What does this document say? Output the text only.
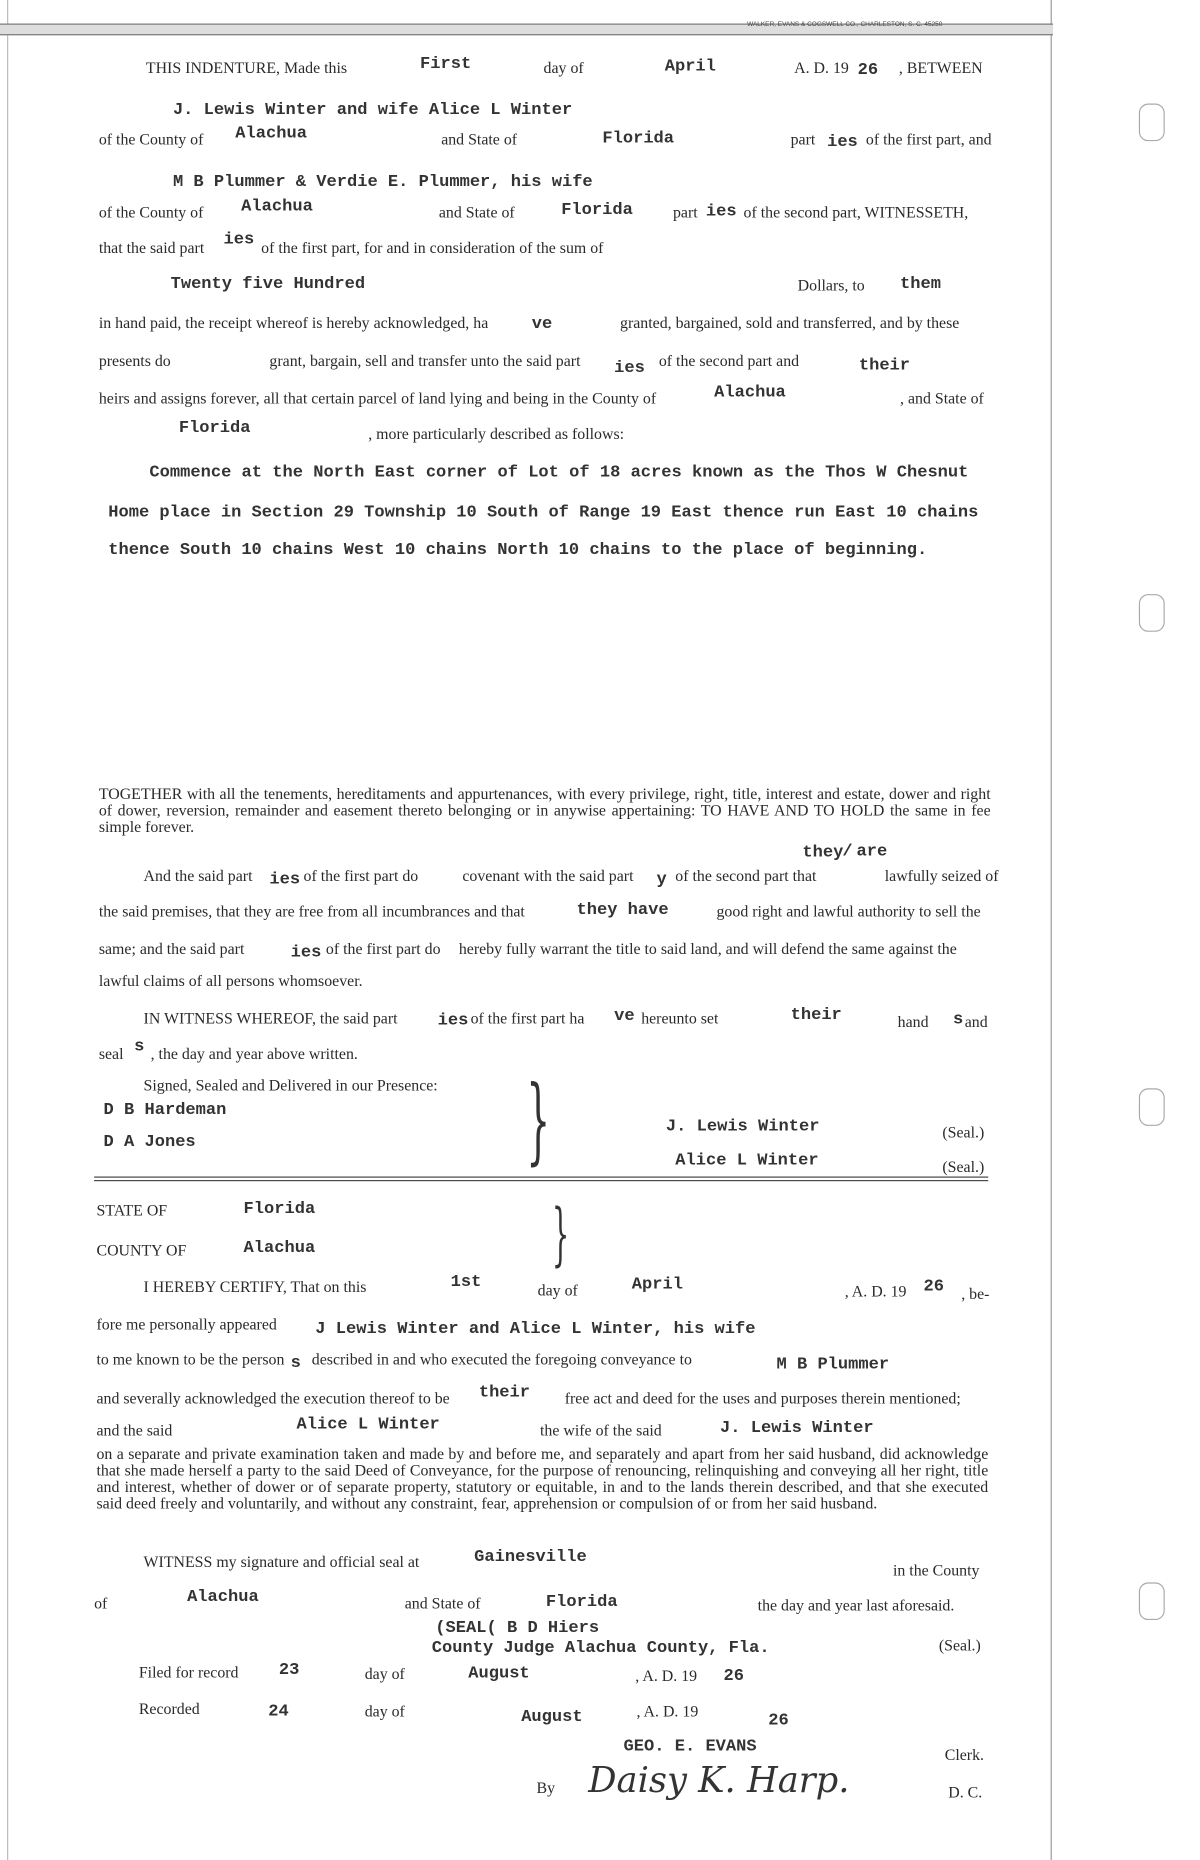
WALKER, EVANS & COGSWELL CO., CHARLESTON, S. C. 45250
THIS INDENTURE, Made this	First	day of	April	A. D. 19 26 , BETWEEN
J. Lewis Winter and wife Alice L Winter
of the County of Alachua	and State of	Florida	part ies of the first part, and
M B Plummer & Verdie E. Plummer, his wife
of the County of	Alachua	and State of	Florida	part ies of the second part, WITNESSETH,
that the said part ies of the first part, for and in consideration of the sum of
Twenty five Hundred	Dollars, to them
in hand paid, the receipt whereof is hereby acknowledged, ha	ve	granted, bargained, sold and transferred, and by these
presents do	grant, bargain, sell and transfer unto the said part ies of the second part and	their
heirs and assigns forever, all that certain parcel of land lying and being in the County of	Alachua	, and State of
Florida	, more particularly described as follows:
Commence at the North East corner of Lot of 18 acres known as the Thos W Chesnut
Home place in Section 29 Township 10 South of Range 19 East thence run East 10 chains
thence South 10 chains West 10 chains North 10 chains to the place of beginning.
TOGETHER with all the tenements, hereditaments and appurtenances, with every privilege, right, title, interest and estate, dower and right of dower, reversion, remainder and easement thereto belonging or in anywise appertaining: TO HAVE AND TO HOLD the same in fee simple forever.
And the said part ies of the first part do	covenant with the said part y of the second part that
they / are
lawfully seized of
the said premises, that they are free from all incumbrances and that	they have	good right and lawful authority to sell the
same; and the said part	ies of the first part do hereby fully warrant the title to said land, and will defend the same against the
lawful claims of all persons whomsoever.
IN WITNESS WHEREOF, the said part	ies of the first part ha ve hereunto set	their	hand s and
seal s , the day and year above written.
Signed, Sealed and Delivered in our Presence:
D B Hardeman
D A Jones	}	J. Lewis Winter
Alice L Winter
(Seal.)
(Seal.)
STATE OF	Florida
COUNTY OF	Alachua	}
I HEREBY CERTIFY, That on this	1st	day of	April	, A. D. 19 26 , be-
fore me personally appeared	J Lewis Winter and Alice L Winter, his wife
to me known to be the person s described in and who executed the foregoing conveyance to	M B Plummer
and severally acknowledged the execution thereof to be their	free act and deed for the uses and purposes therein mentioned;
and the said	Alice L Winter	the wife of the said	J. Lewis Winter
on a separate and private examination taken and made by and before me, and separately and apart from her said husband, did acknowledge that she made herself a party to the said Deed of Conveyance, for the purpose of renouncing, relinquishing and conveying all her right, title and interest, whether of dower or of separate property, statutory or equitable, in and to the lands therein described, and that she executed said deed freely and voluntarily, and without any constraint, fear, apprehension or compulsion of or from her said husband.
WITNESS my signature and official seal at	Gainesville
in the County
of	Alachua	and State of	Florida	the day and year last aforesaid.
(SEAL( B D Hiers
County Judge Alachua County, Fla.	(Seal.)
Filed for record	23	day of	August	, A. D. 19 26
Recorded	24	day of	August	, A. D. 19
26
GEO. E. EVANS	Clerk.
By Daisy K. Harp.	D. C.
